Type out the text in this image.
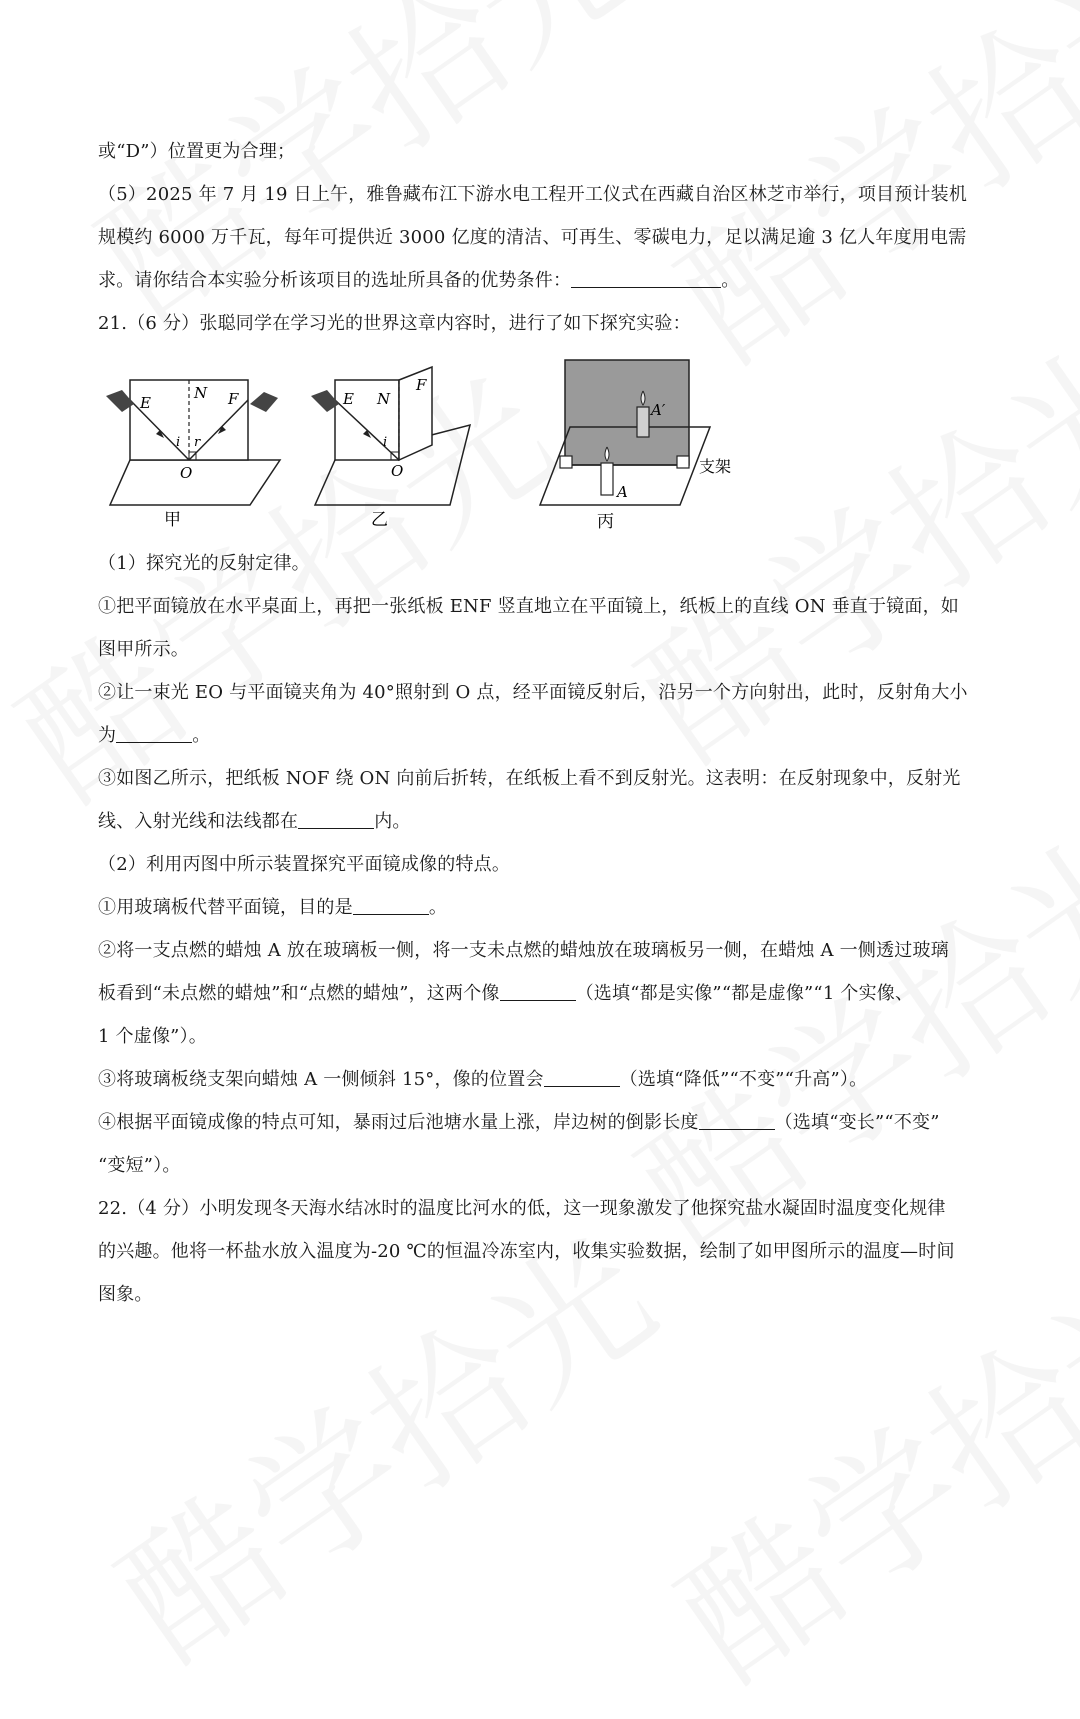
或“D”）位置更为合理；
（5）2025 年 7 月 19 日上午，雅鲁藏布江下游水电工程开工仪式在西藏自治区林芝市举行，项目预计装机
规模约 6000 万千瓦，每年可提供近 3000 亿度的清洁、可再生、零碳电力，足以满足逾 3 亿人年度用电需
求。请你结合本实验分析该项目的选址所具备的优势条件：	。
21.（6 分）张聪同学在学习光的世界这章内容时，进行了如下探究实验：
E
N F
i r
O
甲
E N
F
i
O
乙
A′
A
支架
丙
（1）探究光的反射定律。
①把平面镜放在水平桌面上，再把一张纸板 ENF 竖直地立在平面镜上，纸板上的直线 ON 垂直于镜面，如
图甲所示。
②让一束光 EO 与平面镜夹角为 40°照射到 O 点，经平面镜反射后，沿另一个方向射出，此时，反射角大小
为	。
③如图乙所示，把纸板 NOF 绕 ON 向前后折转，在纸板上看不到反射光。这表明：在反射现象中，反射光
线、入射光线和法线都在	内。
（2）利用丙图中所示装置探究平面镜成像的特点。
①用玻璃板代替平面镜，目的是	。
②将一支点燃的蜡烛 A 放在玻璃板一侧，将一支未点燃的蜡烛放在玻璃板另一侧，在蜡烛 A 一侧透过玻璃
板看到“未点燃的蜡烛”和“点燃的蜡烛”，这两个像	（选填“都是实像”“都是虚像”“1 个实像、
1 个虚像”）。
③将玻璃板绕支架向蜡烛 A 一侧倾斜 15°，像的位置会	（选填“降低”“不变”“升高”）。
④根据平面镜成像的特点可知，暴雨过后池塘水量上涨，岸边树的倒影长度	（选填“变长”“不变”
“变短”）。
22.（4 分）小明发现冬天海水结冰时的温度比河水的低，这一现象激发了他探究盐水凝固时温度变化规律
的兴趣。他将一杯盐水放入温度为-20 ℃的恒温冷冻室内，收集实验数据，绘制了如甲图所示的温度—时间
图象。
